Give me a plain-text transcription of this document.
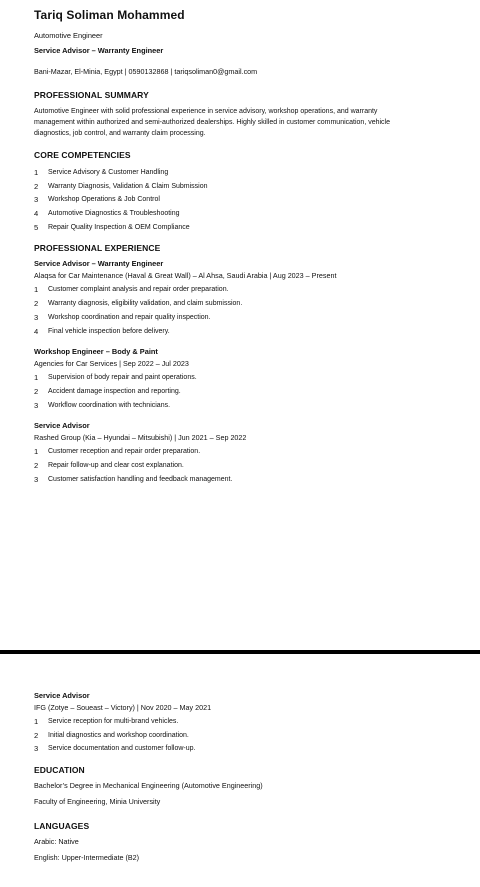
Tariq Soliman Mohammed
Automotive Engineer
Service Advisor – Warranty Engineer
Bani-Mazar, El-Minia, Egypt | 0590132868 | tariqsoliman0@gmail.com
PROFESSIONAL SUMMARY
Automotive Engineer with solid professional experience in service advisory, workshop operations, and warranty
management within authorized and semi-authorized dealerships. Highly skilled in customer communication, vehicle
diagnostics, job control, and warranty claim processing.
CORE COMPETENCIES
1 Service Advisory & Customer Handling
2 Warranty Diagnosis, Validation & Claim Submission
3 Workshop Operations & Job Control
4 Automotive Diagnostics & Troubleshooting
5 Repair Quality Inspection & OEM Compliance
PROFESSIONAL EXPERIENCE
Service Advisor – Warranty Engineer
Alaqsa for Car Maintenance (Haval & Great Wall) – Al Ahsa, Saudi Arabia | Aug 2023 – Present
1 Customer complaint analysis and repair order preparation.
2 Warranty diagnosis, eligibility validation, and claim submission.
3 Workshop coordination and repair quality inspection.
4 Final vehicle inspection before delivery.
Workshop Engineer – Body & Paint
Agencies for Car Services | Sep 2022 – Jul 2023
1 Supervision of body repair and paint operations.
2 Accident damage inspection and reporting.
3 Workflow coordination with technicians.
Service Advisor
Rashed Group (Kia – Hyundai – Mitsubishi) | Jun 2021 – Sep 2022
1 Customer reception and repair order preparation.
2 Repair follow-up and clear cost explanation.
3 Customer satisfaction handling and feedback management.
Service Advisor
IFG (Zotye – Soueast – Victory) | Nov 2020 – May 2021
1 Service reception for multi-brand vehicles.
2 Initial diagnostics and workshop coordination.
3 Service documentation and customer follow-up.
EDUCATION
Bachelor’s Degree in Mechanical Engineering (Automotive Engineering)
Faculty of Engineering, Minia University
LANGUAGES
Arabic: Native
English: Upper-Intermediate (B2)
